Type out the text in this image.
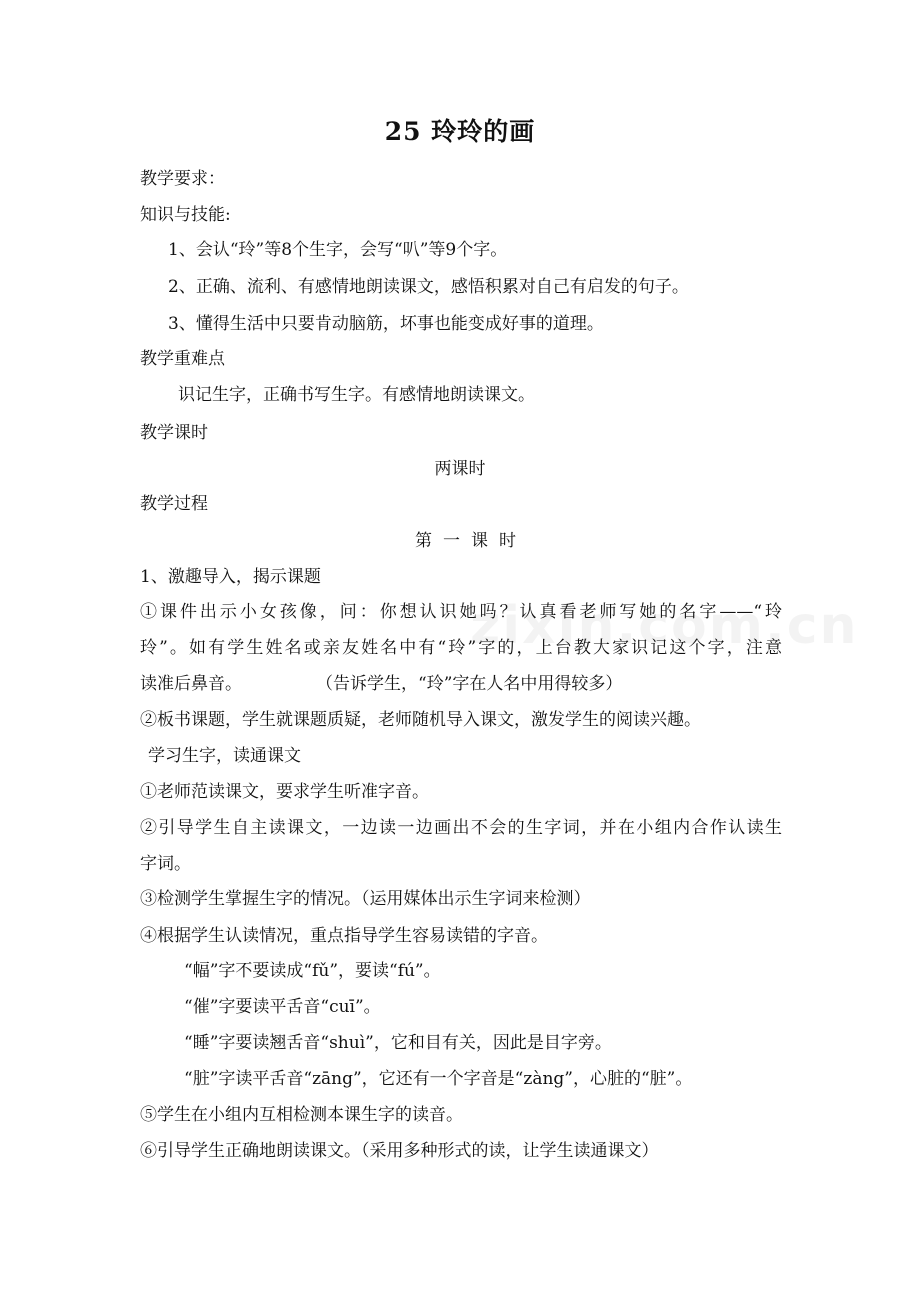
25 玲玲的画
教学要求：
知识与技能:
1、会认“玲”等8个生字，会写“叭”等9个字。
2、正确、流利、有感情地朗读课文，感悟积累对自己有启发的句子。
3、懂得生活中只要肯动脑筋，坏事也能变成好事的道理。
教学重难点
识记生字，正确书写生字。有感情地朗读课文。
教学课时
两课时
教学过程
第一课时
1、激趣导入，揭示课题
①课件出示小女孩像，问：你想认识她吗？认真看老师写她的名字——“玲
玲”。如有学生姓名或亲友姓名中有“玲”字的，上台教大家识记这个字，注意
读准后鼻音。	（告诉学生，“玲”字在人名中用得较多）
②板书课题，学生就课题质疑，老师随机导入课文，激发学生的阅读兴趣。
学习生字，读通课文
①老师范读课文，要求学生听准字音。
②引导学生自主读课文，一边读一边画出不会的生字词，并在小组内合作认读生
字词。
③检测学生掌握生字的情况。（运用媒体出示生字词来检测）
④根据学生认读情况，重点指导学生容易读错的字音。
“幅”字不要读成“fǔ”，要读“fú”。
“催”字要读平舌音“cuī”。
“睡”字要读翘舌音“shuì”，它和目有关，因此是目字旁。
“脏”字读平舌音“zāng”，它还有一个字音是“zàng”，心脏的“脏”。
⑤学生在小组内互相检测本课生字的读音。
⑥引导学生正确地朗读课文。（采用多种形式的读，让学生读通课文）
